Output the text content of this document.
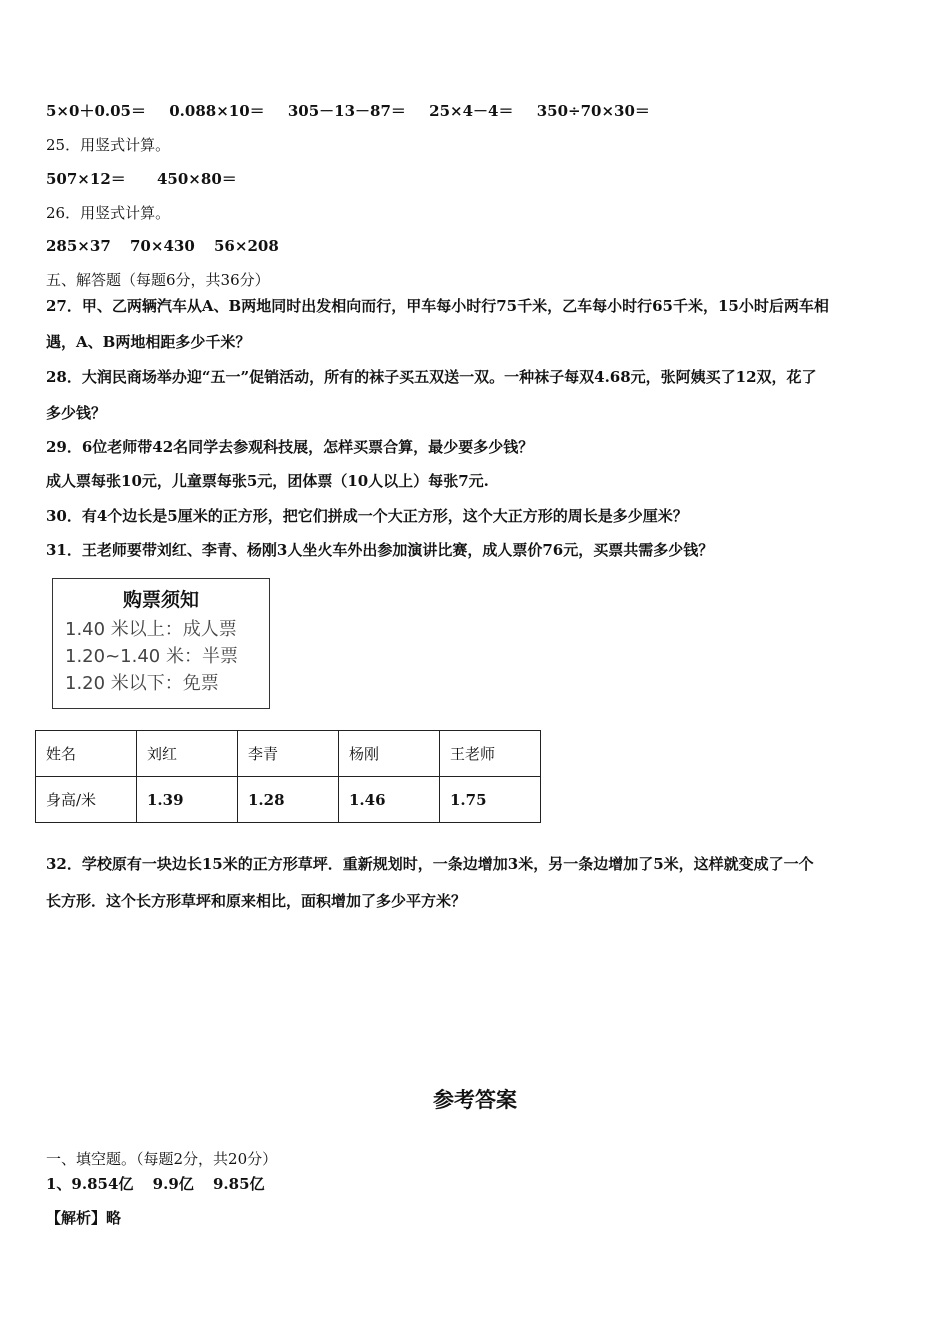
5×0＋0.05＝ 0.088×10＝ 305－13－87＝ 25×4－4＝ 350÷70×30＝
25．用竖式计算。
507×12＝ 450×80＝
26．用竖式计算。
285×37 70×430 56×208
五、解答题（每题6分，共36分）
27．甲、乙两辆汽车从A、B两地同时出发相向而行，甲车每小时行75千米，乙车每小时行65千米，15小时后两车相
遇，A、B两地相距多少千米？
28．大润民商场举办迎“五一”促销活动，所有的袜子买五双送一双。一种袜子每双4.68元，张阿姨买了12双，花了
多少钱？
29．6位老师带42名同学去参观科技展，怎样买票合算，最少要多少钱？
成人票每张10元，儿童票每张5元，团体票（10人以上）每张7元.
30．有4个边长是5厘米的正方形，把它们拼成一个大正方形，这个大正方形的周长是多少厘米？
31．王老师要带刘红、李青、杨刚3人坐火车外出参加演讲比赛，成人票价76元，买票共需多少钱？
购票须知
1.40 米以上：成人票
1.20~1.40 米：半票
1.20 米以下：免票
姓名	刘红	李青	杨刚	王老师
身高/米	1.39	1.28	1.46	1.75
32．学校原有一块边长15米的正方形草坪．重新规划时，一条边增加3米，另一条边增加了5米，这样就变成了一个
长方形．这个长方形草坪和原来相比，面积增加了多少平方米？
参考答案
一、填空题。（每题2分，共20分）
1、9.854亿 9.9亿 9.85亿
【解析】略
